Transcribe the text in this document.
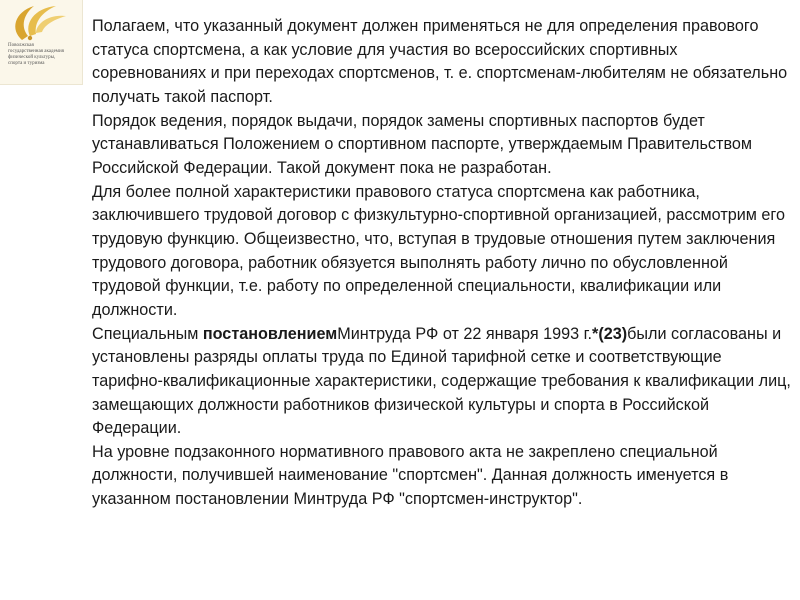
Поволжская
государственная академия
физической культуры,
спорта и туризма

Полагаем, что указанный документ должен применяться не для определения правового статуса спортсмена, а как условие для участия во всероссийских спортивных соревнованиях и при переходах спортсменов, т. е. спортсменам-любителям не обязательно получать такой паспорт.

Порядок ведения, порядок выдачи, порядок замены спортивных паспортов будет устанавливаться Положением о спортивном паспорте, утверждаемым Правительством Российской Федерации. Такой документ пока не разработан.

Для более полной характеристики правового статуса спортсмена как работника, заключившего трудовой договор с физкультурно-спортивной организацией, рассмотрим его трудовую функцию. Общеизвестно, что, вступая в трудовые отношения путем заключения трудового договора, работник обязуется выполнять работу лично по обусловленной трудовой функции, т.е. работу по определенной специальности, квалификации или должности.

Специальным постановлениемМинтруда РФ от 22 января 1993 г.*(23)были согласованы и установлены разряды оплаты труда по Единой тарифной сетке и соответствующие тарифно-квалификационные характеристики, содержащие требования к квалификации лиц, замещающих должности работников физической культуры и спорта в Российской Федерации.

На уровне подзаконного нормативного правового акта не закреплено специальной должности, получившей наименование "спортсмен". Данная должность именуется в указанном постановлении Минтруда РФ "спортсмен-инструктор".
